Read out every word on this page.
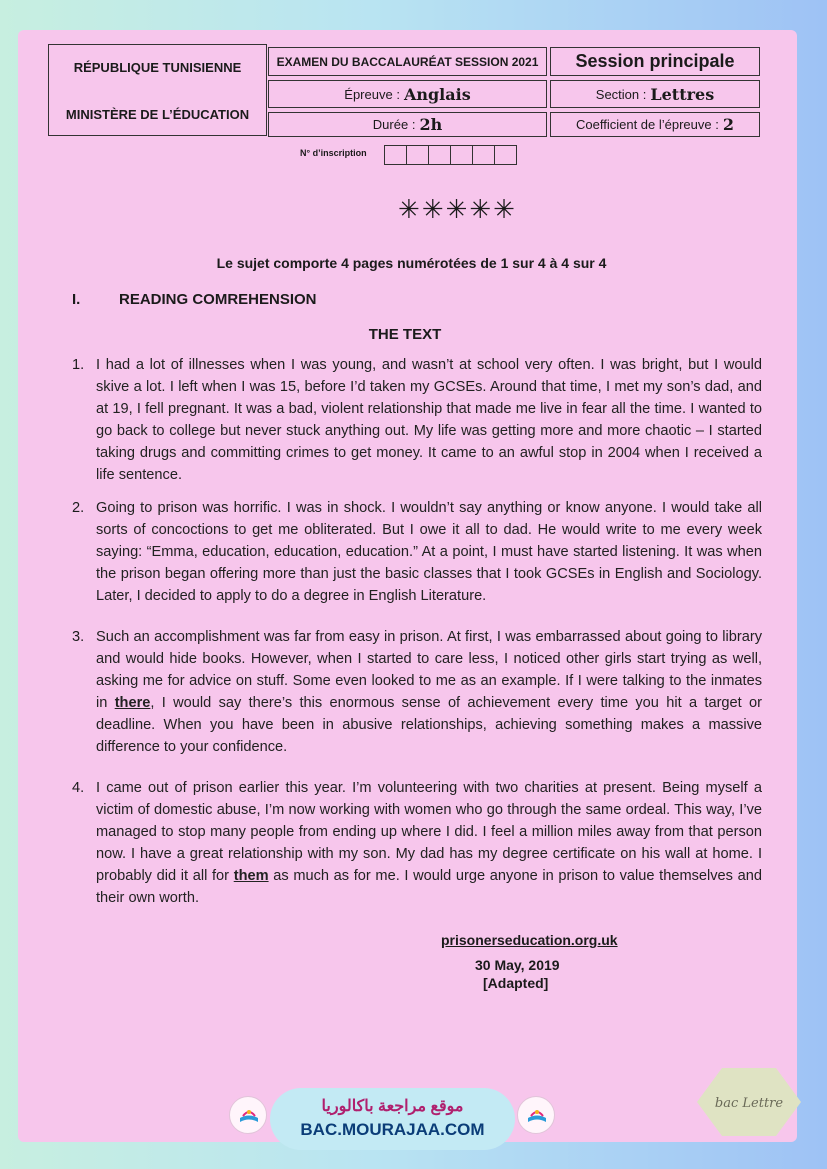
RÉPUBLIQUE TUNISIENNE
MINISTÈRE DE L’ÉDUCATION
EXAMEN DU BACCALAURÉAT SESSION 2021	Session principale
Épreuve : Anglais	Section : Lettres
Durée : 2h	Coefficient de l’épreuve : 2
N° d’inscription
✳✳✳✳✳
Le sujet comporte 4 pages numérotées de 1 sur 4 à 4 sur 4
I.	READING COMREHENSION
THE TEXT
1. I had a lot of illnesses when I was young, and wasn’t at school very often. I was bright, but I would skive a lot. I left when I was 15, before I’d taken my GCSEs. Around that time, I met my son’s dad, and at 19, I fell pregnant. It was a bad, violent relationship that made me live in fear all the time. I wanted to go back to college but never stuck anything out. My life was getting more and more chaotic – I started taking drugs and committing crimes to get money. It came to an awful stop in 2004 when I received a life sentence.
2. Going to prison was horrific. I was in shock. I wouldn’t say anything or know anyone. I would take all sorts of concoctions to get me obliterated. But I owe it all to dad. He would write to me every week saying: “Emma, education, education, education.” At a point, I must have started listening. It was when the prison began offering more than just the basic classes that I took GCSEs in English and Sociology. Later, I decided to apply to do a degree in English Literature.
3. Such an accomplishment was far from easy in prison. At first, I was embarrassed about going to library and would hide books. However, when I started to care less, I noticed other girls start trying as well, asking me for advice on stuff. Some even looked to me as an example. If I were talking to the inmates in there, I would say there’s this enormous sense of achievement every time you hit a target or deadline. When you have been in abusive relationships, achieving something makes a massive difference to your confidence.
4. I came out of prison earlier this year. I’m volunteering with two charities at present. Being myself a victim of domestic abuse, I’m now working with women who go through the same ordeal. This way, I’ve managed to stop many people from ending up where I did. I feel a million miles away from that person now. I have a great relationship with my son. My dad has my degree certificate on his wall at home. I probably did it all for them as much as for me. I would urge anyone in prison to value themselves and their own worth.
prisonerseducation.org.uk
30 May, 2019
[Adapted]
موقع مراجعة باكالوريا
BAC.MOURAJAA.COM
bac Lettre
